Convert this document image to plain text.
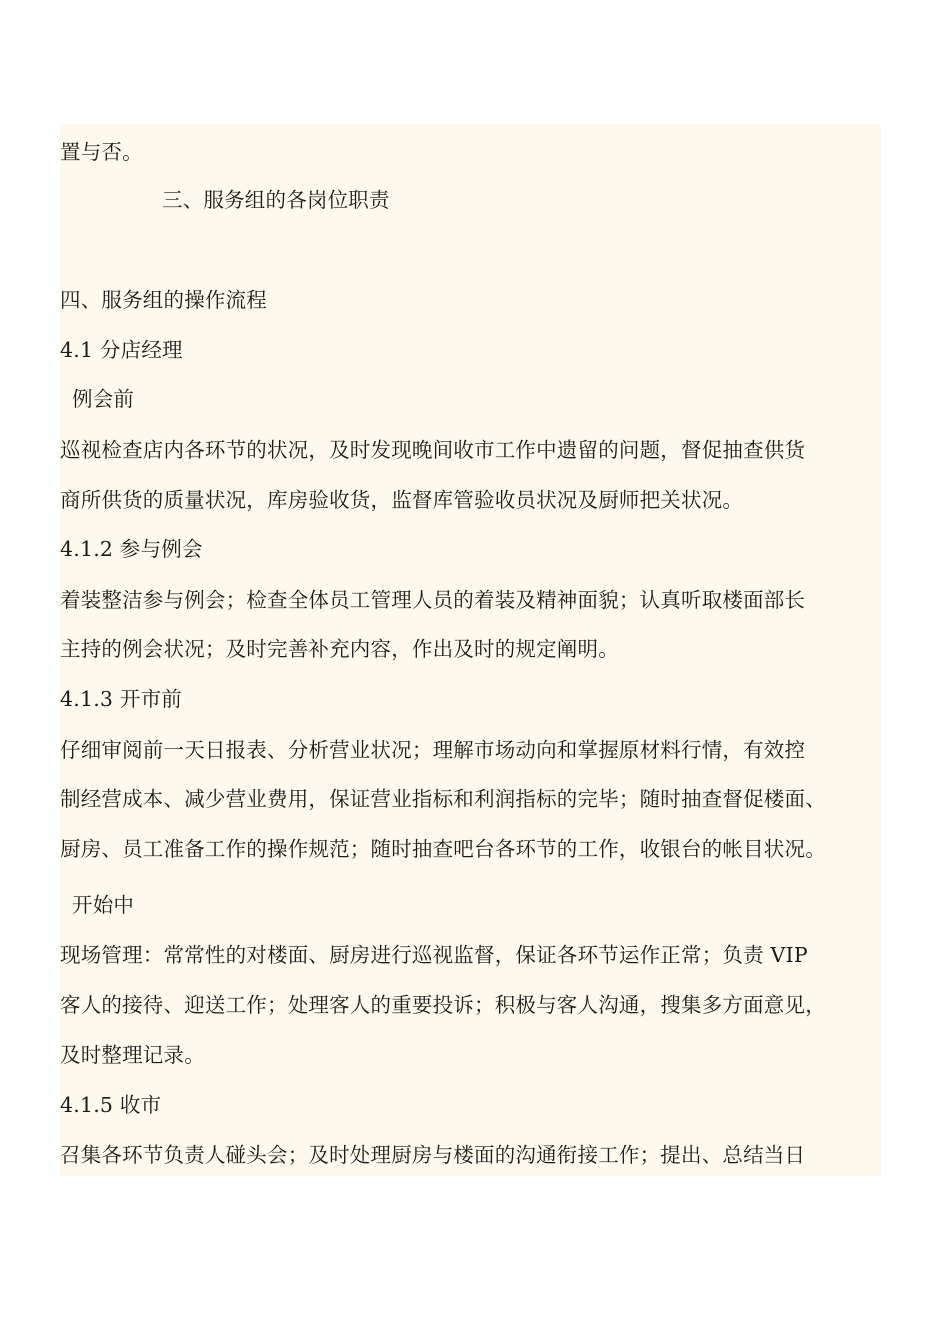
置与否。
三、服务组的各岗位职责
四、服务组的操作流程
4.1 分店经理
例会前
巡视检查店内各环节的状况，及时发现晚间收市工作中遗留的问题，督促抽查供货
商所供货的质量状况，库房验收货，监督库管验收员状况及厨师把关状况。
4.1.2 参与例会
着装整洁参与例会；检查全体员工管理人员的着装及精神面貌；认真听取楼面部长
主持的例会状况；及时完善补充内容，作出及时的规定阐明。
4.1.3 开市前
仔细审阅前一天日报表、分析营业状况；理解市场动向和掌握原材料行情，有效控
制经营成本、减少营业费用，保证营业指标和利润指标的完毕；随时抽查督促楼面、
厨房、员工准备工作的操作规范；随时抽查吧台各环节的工作，收银台的帐目状况。
开始中
现场管理：常常性的对楼面、厨房进行巡视监督，保证各环节运作正常；负责 VIP
客人的接待、迎送工作；处理客人的重要投诉；积极与客人沟通，搜集多方面意见，
及时整理记录。
4.1.5 收市
召集各环节负责人碰头会；及时处理厨房与楼面的沟通衔接工作；提出、总结当日
